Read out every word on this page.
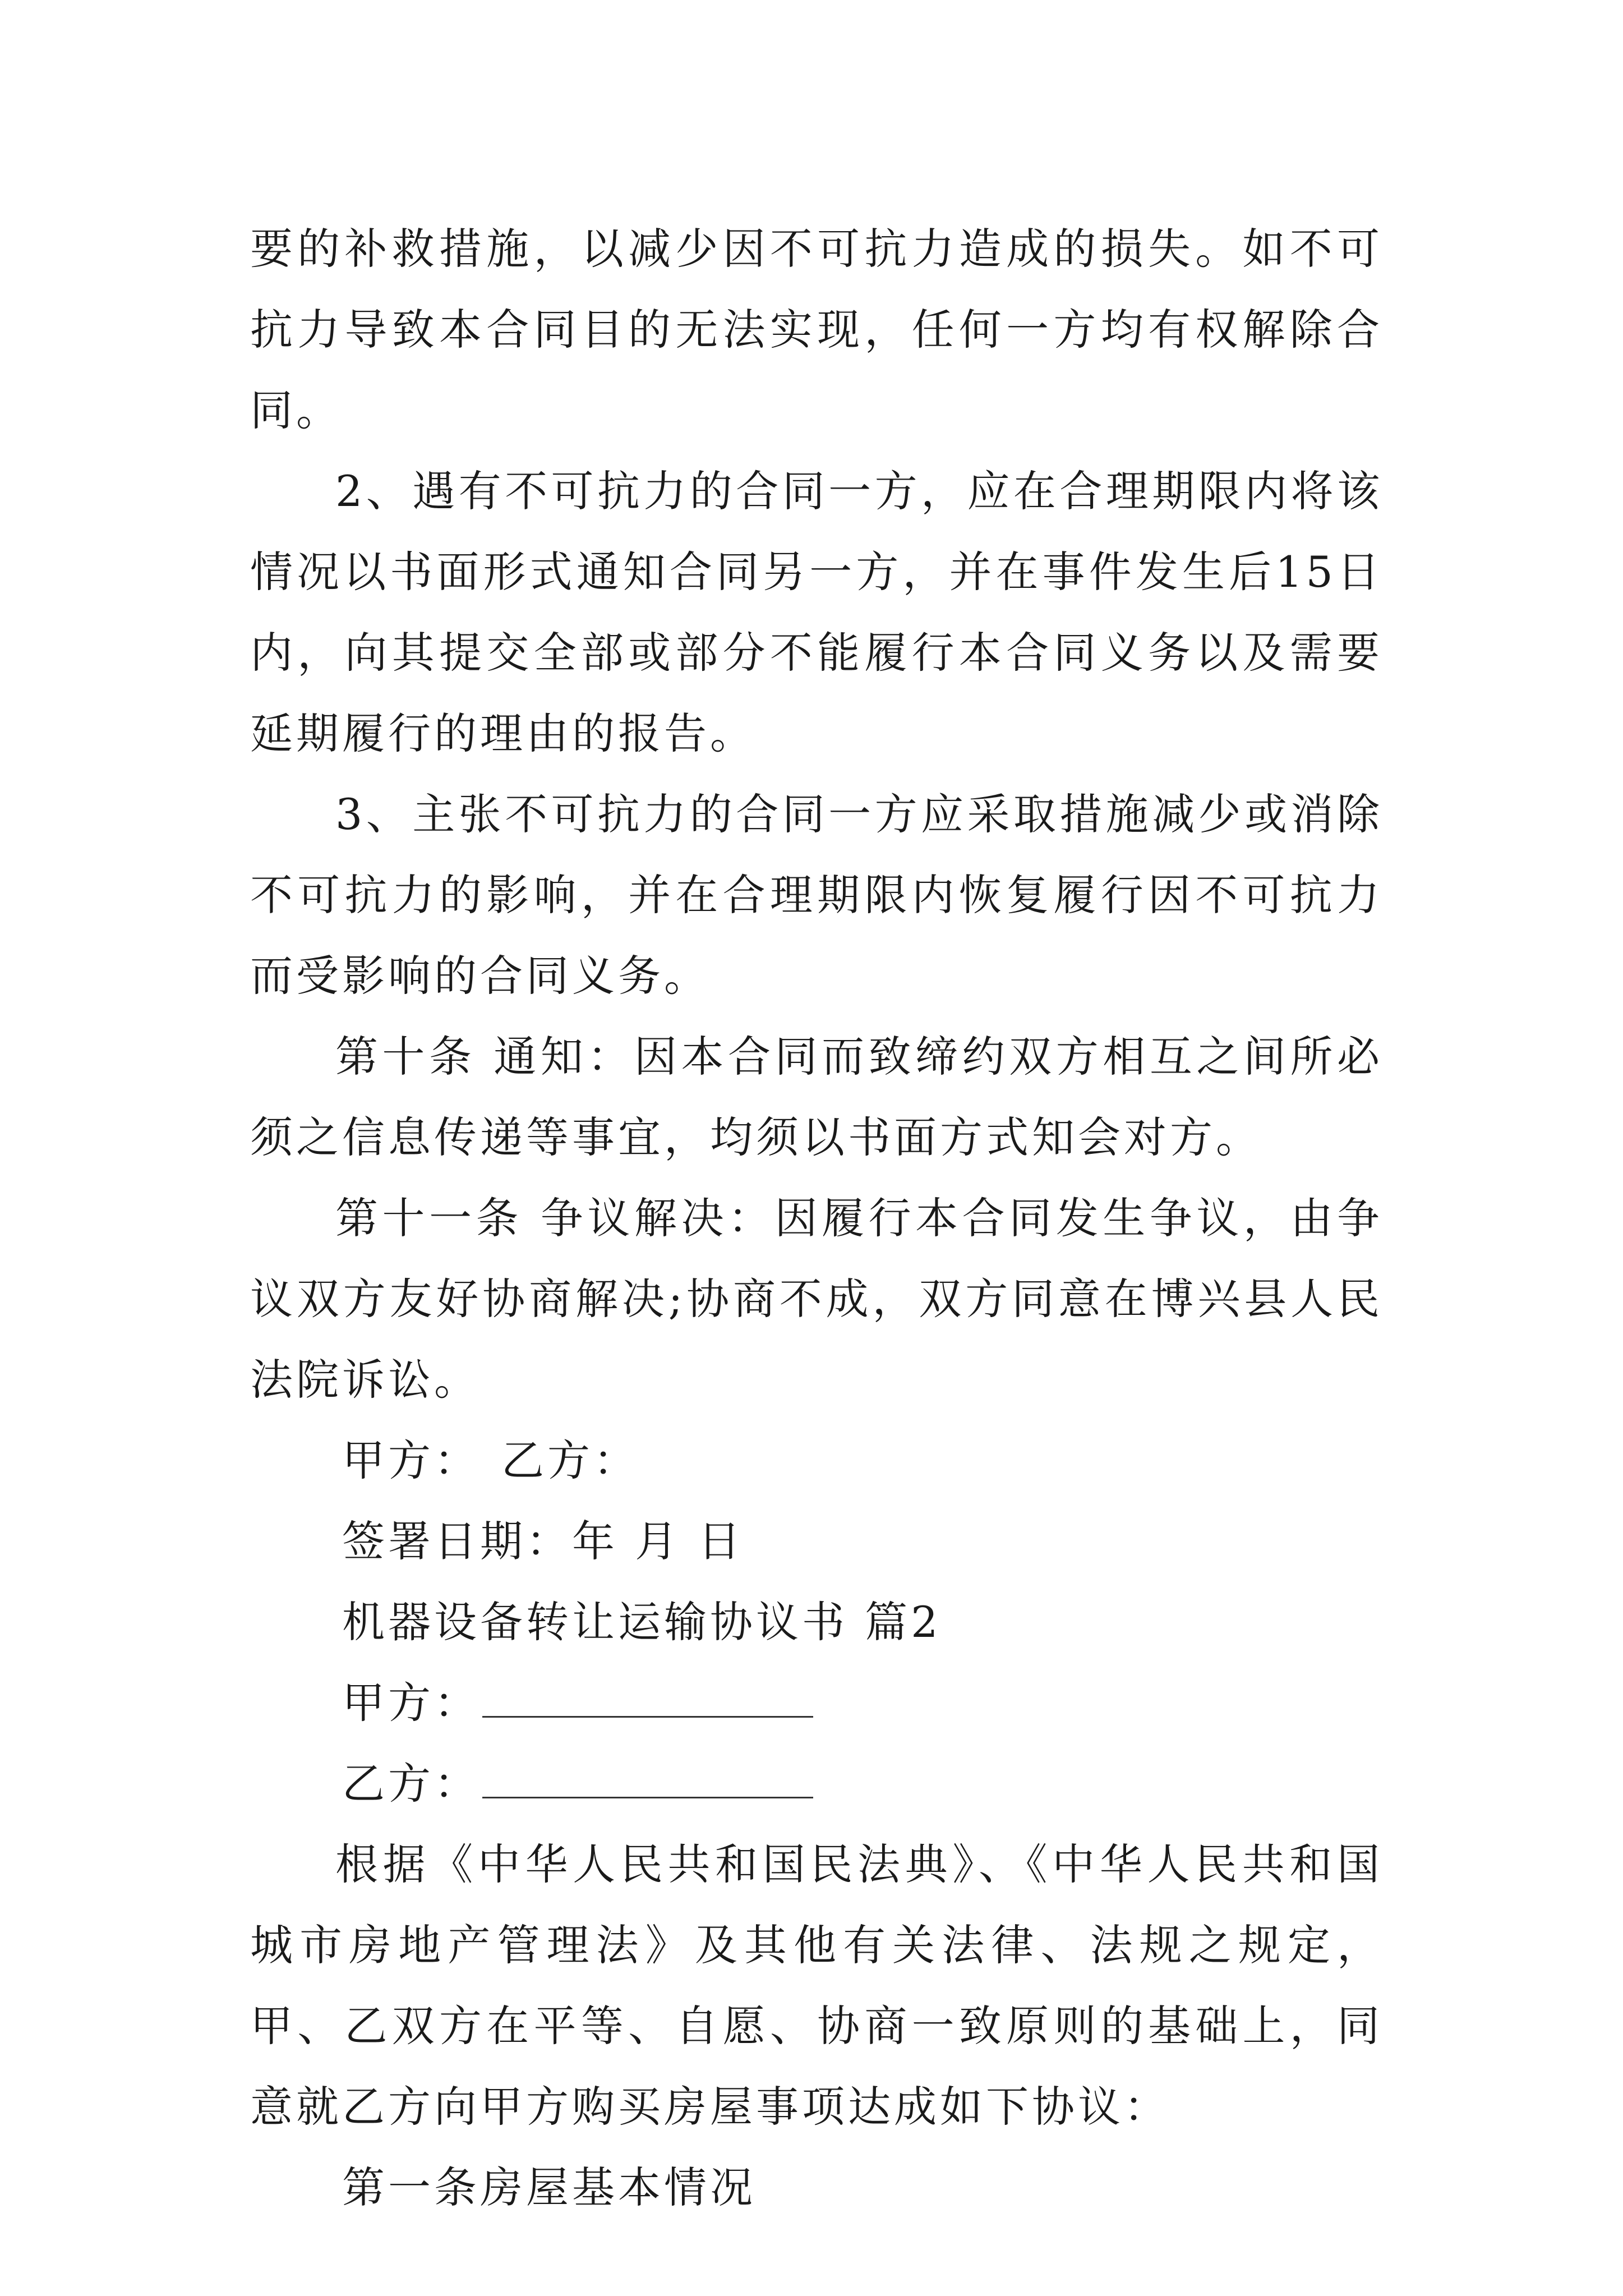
要的补救措施，以减少因不可抗力造成的损失。如不可抗力导致本合同目的无法实现，任何一方均有权解除合同。

2、遇有不可抗力的合同一方，应在合理期限内将该情况以书面形式通知合同另一方，并在事件发生后15日内，向其提交全部或部分不能履行本合同义务以及需要延期履行的理由的报告。

3、主张不可抗力的合同一方应采取措施减少或消除不可抗力的影响，并在合理期限内恢复履行因不可抗力而受影响的合同义务。

第十条 通知：因本合同而致缔约双方相互之间所必须之信息传递等事宜，均须以书面方式知会对方。

第十一条 争议解决：因履行本合同发生争议，由争议双方友好协商解决;协商不成，双方同意在博兴县人民法院诉讼。

甲方： 乙方：

签署日期：年 月 日

机器设备转让运输协议书 篇2

甲方：

乙方：

根据《中华人民共和国民法典》、《中华人民共和国城市房地产管理法》及其他有关法律、法规之规定，甲、乙双方在平等、自愿、协商一致原则的基础上，同意就乙方向甲方购买房屋事项达成如下协议：

第一条房屋基本情况
